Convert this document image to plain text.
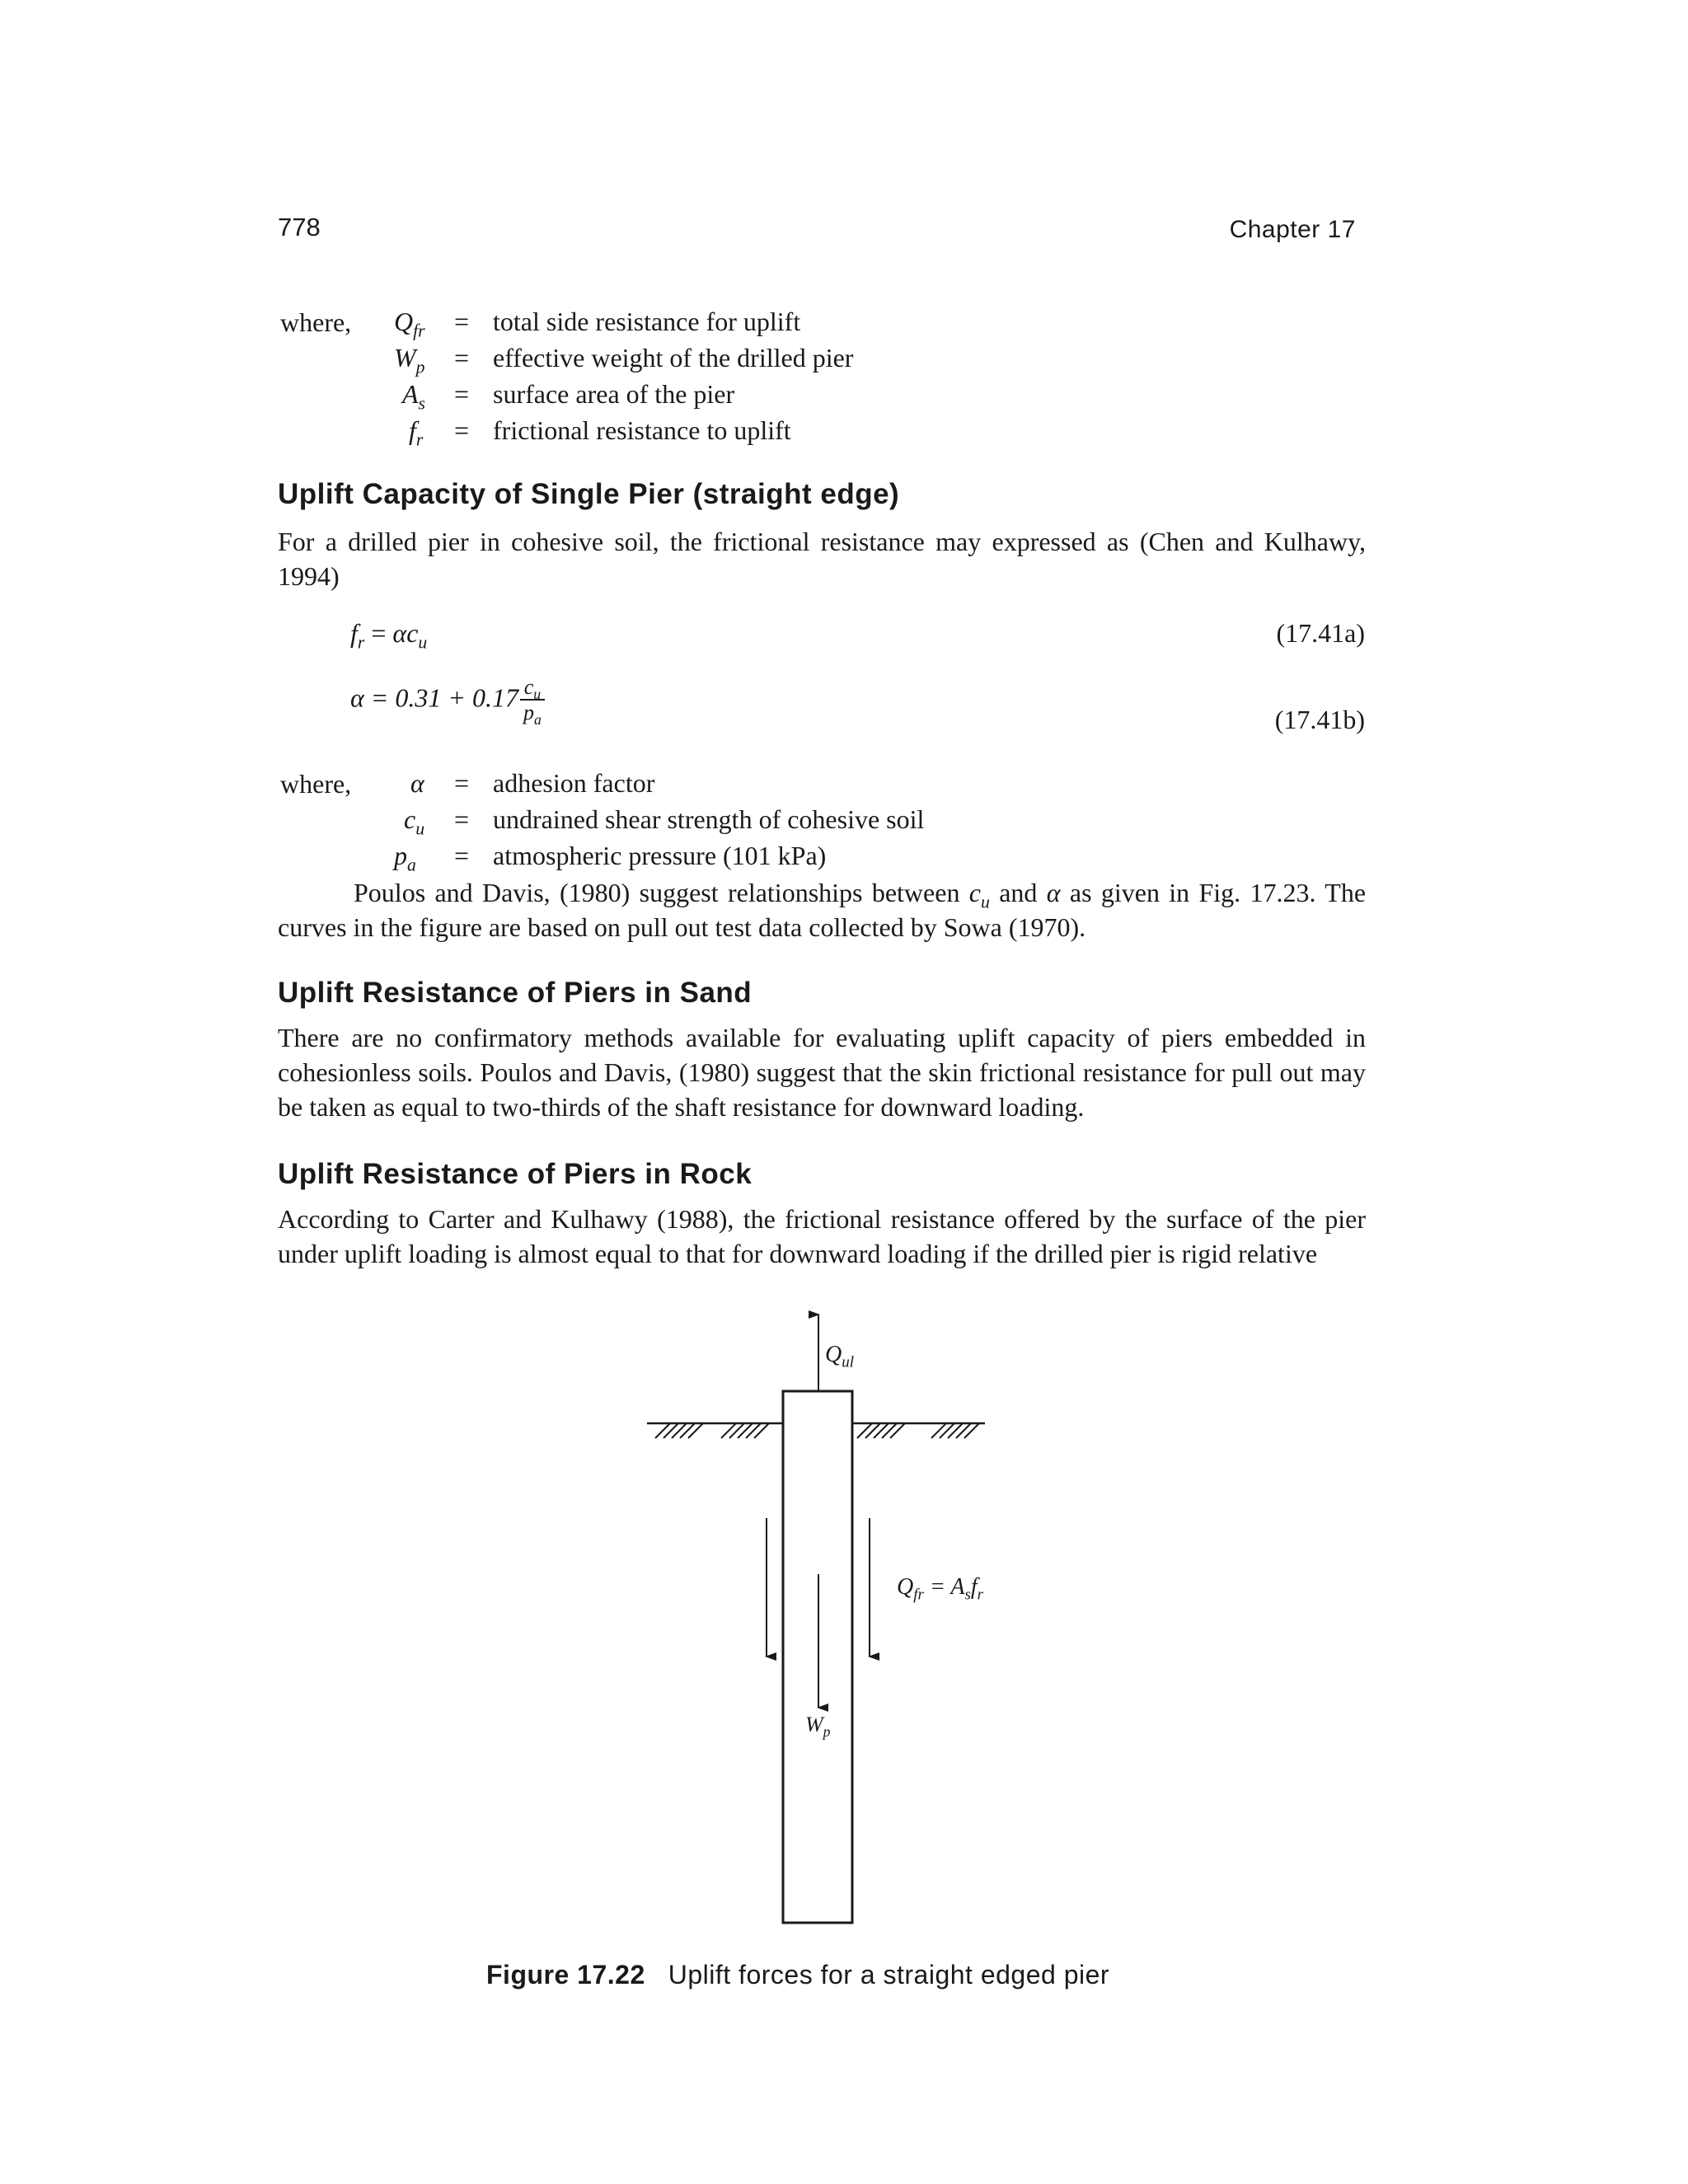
778	Chapter 17
where, $Q_{fr}$	= total side resistance for uplift
$W_p$	= effective weight of the drilled pier
$A_s$	= surface area of the pier
$f_r$	= frictional resistance to uplift
Uplift Capacity of Single Pier (straight edge)
For a drilled pier in cohesive soil, the frictional resistance may expressed as (Chen and Kulhawy, 1994)
$f_r = \alpha c_u$	(17.41a)
$\alpha = 0.31 + 0.17 \frac{c_u}{p_a}$	(17.41b)
where, α	= adhesion factor
$c_u$	= undrained shear strength of cohesive soil
$p_a$	= atmospheric pressure (101 kPa)
Poulos and Davis, (1980) suggest relationships between $c_u$ and α as given in Fig. 17.23. The curves in the figure are based on pull out test data collected by Sowa (1970).
Uplift Resistance of Piers in Sand
There are no confirmatory methods available for evaluating uplift capacity of piers embedded in cohesionless soils. Poulos and Davis, (1980) suggest that the skin frictional resistance for pull out may be taken as equal to two-thirds of the shaft resistance for downward loading.
Uplift Resistance of Piers in Rock
According to Carter and Kulhawy (1988), the frictional resistance offered by the surface of the pier under uplift loading is almost equal to that for downward loading if the drilled pier is rigid relative
$Q_{ul}$
$Q_{fr} = A_sf_r$
$W_p$
Figure 17.22 Uplift forces for a straight edged pier
